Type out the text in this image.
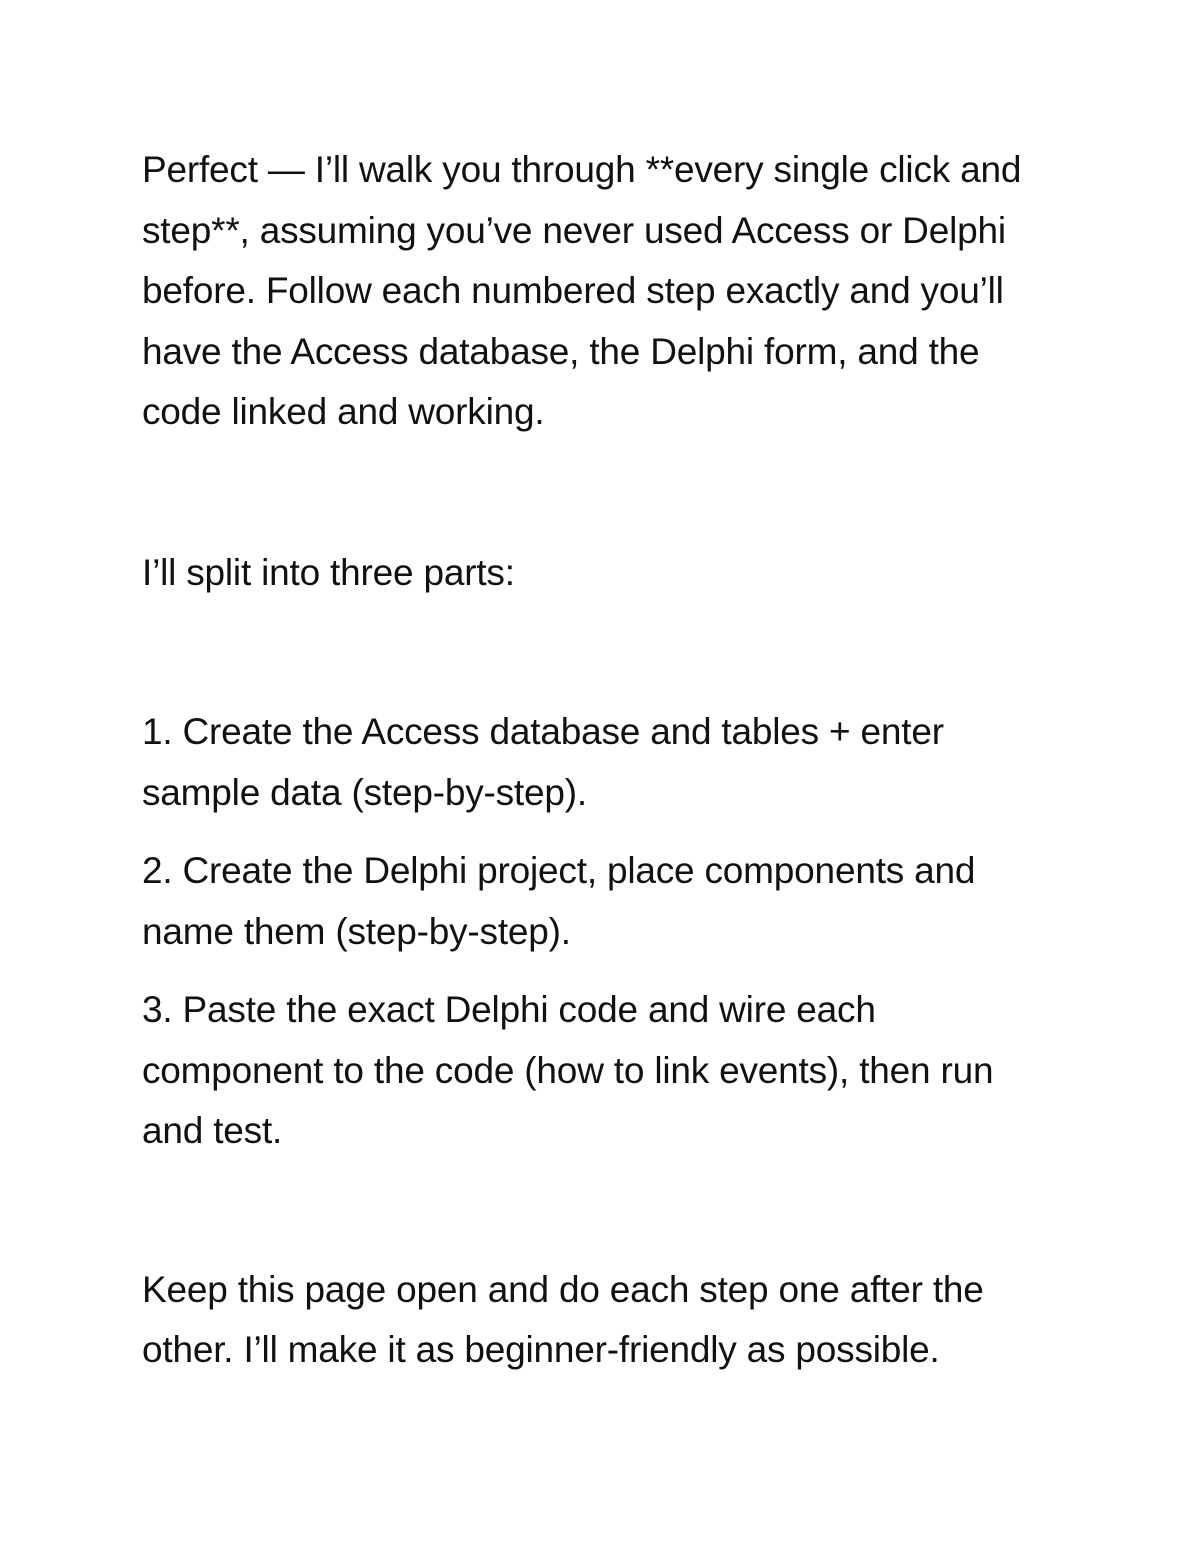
Perfect — I’ll walk you through **every single click and step**, assuming you’ve never used Access or Delphi before. Follow each numbered step exactly and you’ll have the Access database, the Delphi form, and the code linked and working.

I’ll split into three parts:

1. Create the Access database and tables + enter sample data (step-by-step).

2. Create the Delphi project, place components and name them (step-by-step).

3. Paste the exact Delphi code and wire each component to the code (how to link events), then run and test.

Keep this page open and do each step one after the other. I’ll make it as beginner-friendly as possible.
